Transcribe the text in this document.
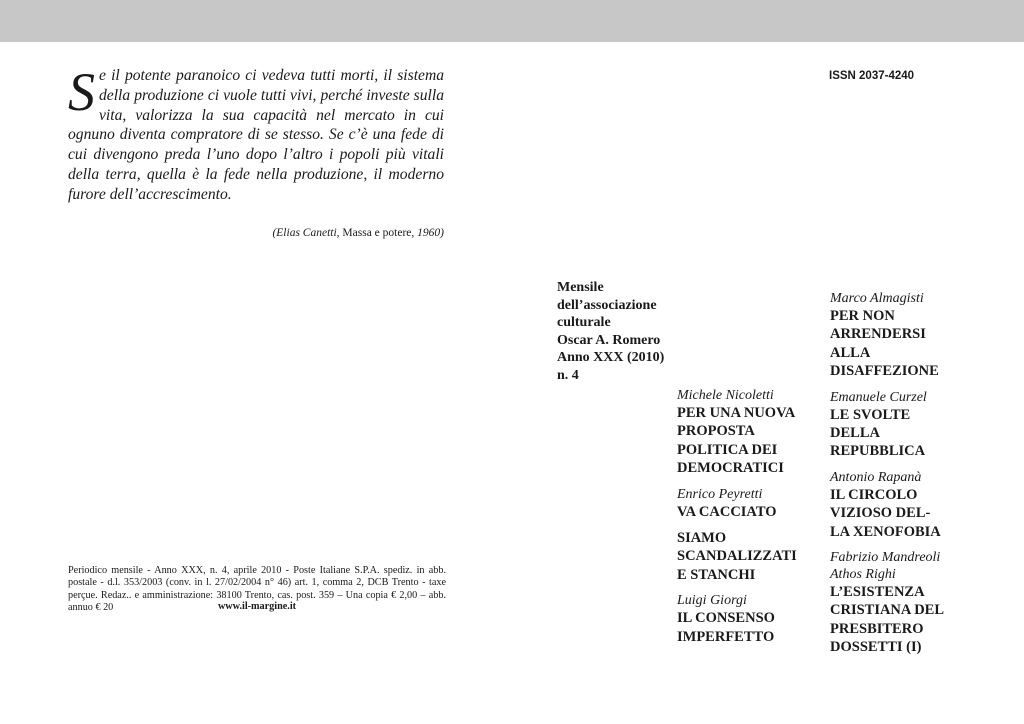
Se il potente paranoico ci vedeva tutti morti, il sistema della produzione ci vuole tutti vivi, perché investe sulla vita, valorizza la sua capacità nel mercato in cui ognuno diventa compratore di se stesso. Se c’è una fede di cui divengono preda l’uno dopo l’altro i popoli più vitali della terra, quella è la fede nella produzione, il moderno furore dell’accrescimento.
(Elias Canetti, Massa e potere, 1960)
Periodico mensile - Anno XXX, n. 4, aprile 2010 - Poste Italiane S.P.A. spediz. in abb. postale - d.l. 353/2003 (conv. in l. 27/02/2004 n° 46) art. 1, comma 2, DCB Trento - taxe perçue. Redaz.. e amministrazione: 38100 Trento, cas. post. 359 – Una copia € 2,00 – abb. annuo € 20	www.il-margine.it
ISSN 2037-4240
Mensile
dell’associazione
culturale
Oscar A. Romero
Anno XXX (2010)
n. 4
Michele Nicoletti
PER UNA NUOVA
PROPOSTA
POLITICA DEI
DEMOCRATICI
Enrico Peyretti
VA CACCIATO
SIAMO
SCANDALIZZATI
E STANCHI
Luigi Giorgi
IL CONSENSO
IMPERFETTO
Marco Almagisti
PER NON
ARRENDERSI
ALLA
DISAFFEZIONE
Emanuele Curzel
LE SVOLTE
DELLA
REPUBBLICA
Antonio Rapanà
IL CIRCOLO
VIZIOSO DEL-
LA XENOFOBIA
Fabrizio Mandreoli
Athos Righi
L’ESISTENZA
CRISTIANA DEL
PRESBITERO
DOSSETTI (I)
